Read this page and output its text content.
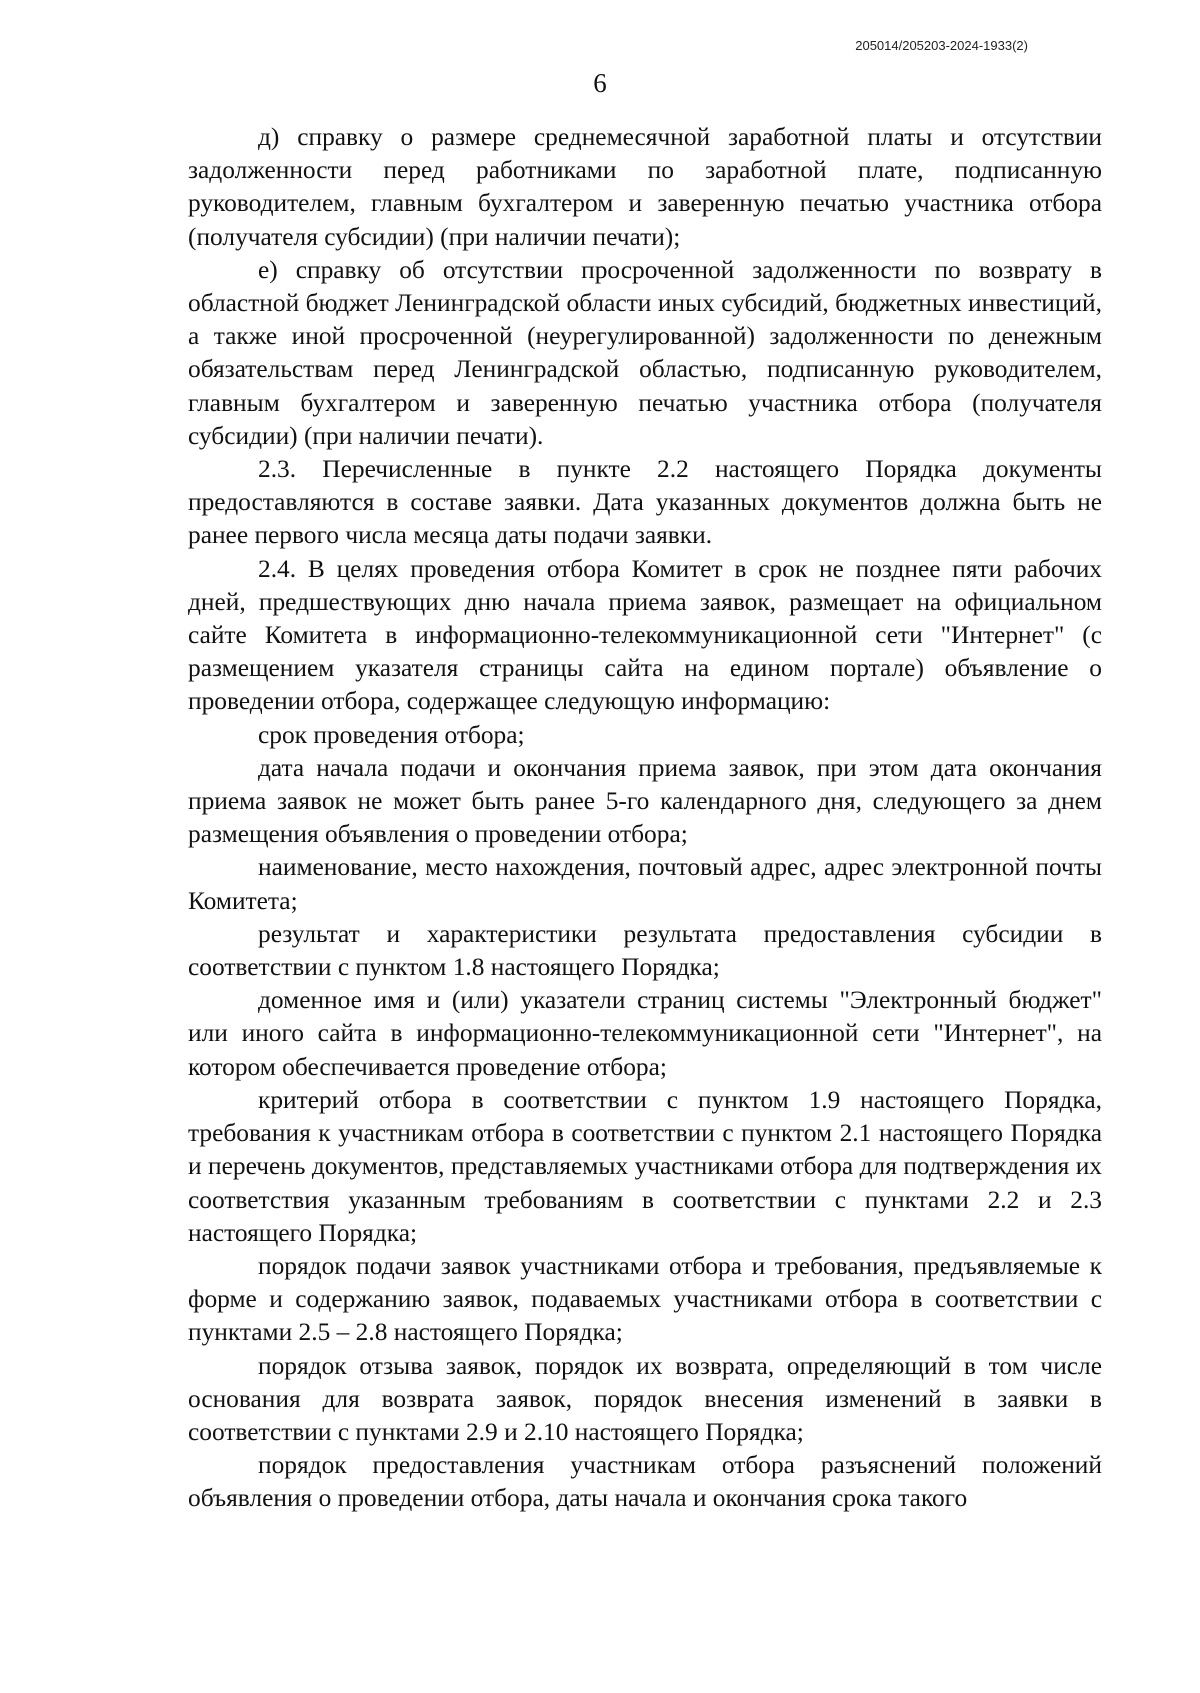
205014/205203-2024-1933(2)
6

д) справку о размере среднемесячной заработной платы и отсутствии задолженности перед работниками по заработной плате, подписанную руководителем, главным бухгалтером и заверенную печатью участника отбора (получателя субсидии) (при наличии печати);

е) справку об отсутствии просроченной задолженности по возврату в областной бюджет Ленинградской области иных субсидий, бюджетных инвестиций, а также иной просроченной (неурегулированной) задолженности по денежным обязательствам перед Ленинградской областью, подписанную руководителем, главным бухгалтером и заверенную печатью участника отбора (получателя субсидии) (при наличии печати).

2.3. Перечисленные в пункте 2.2 настоящего Порядка документы предоставляются в составе заявки. Дата указанных документов должна быть не ранее первого числа месяца даты подачи заявки.

2.4. В целях проведения отбора Комитет в срок не позднее пяти рабочих дней, предшествующих дню начала приема заявок, размещает на официальном сайте Комитета в информационно-телекоммуникационной сети "Интернет" (с размещением указателя страницы сайта на едином портале) объявление о проведении отбора, содержащее следующую информацию:

срок проведения отбора;

дата начала подачи и окончания приема заявок, при этом дата окончания приема заявок не может быть ранее 5-го календарного дня, следующего за днем размещения объявления о проведении отбора;

наименование, место нахождения, почтовый адрес, адрес электронной почты Комитета;

результат и характеристики результата предоставления субсидии в соответствии с пунктом 1.8 настоящего Порядка;

доменное имя и (или) указатели страниц системы "Электронный бюджет" или иного сайта в информационно-телекоммуникационной сети "Интернет", на котором обеспечивается проведение отбора;

критерий отбора в соответствии с пунктом 1.9 настоящего Порядка, требования к участникам отбора в соответствии с пунктом 2.1 настоящего Порядка и перечень документов, представляемых участниками отбора для подтверждения их соответствия указанным требованиям в соответствии с пунктами 2.2 и 2.3 настоящего Порядка;

порядок подачи заявок участниками отбора и требования, предъявляемые к форме и содержанию заявок, подаваемых участниками отбора в соответствии с пунктами 2.5 – 2.8 настоящего Порядка;

порядок отзыва заявок, порядок их возврата, определяющий в том числе основания для возврата заявок, порядок внесения изменений в заявки в соответствии с пунктами 2.9 и 2.10 настоящего Порядка;

порядок предоставления участникам отбора разъяснений положений объявления о проведении отбора, даты начала и окончания срока такого
